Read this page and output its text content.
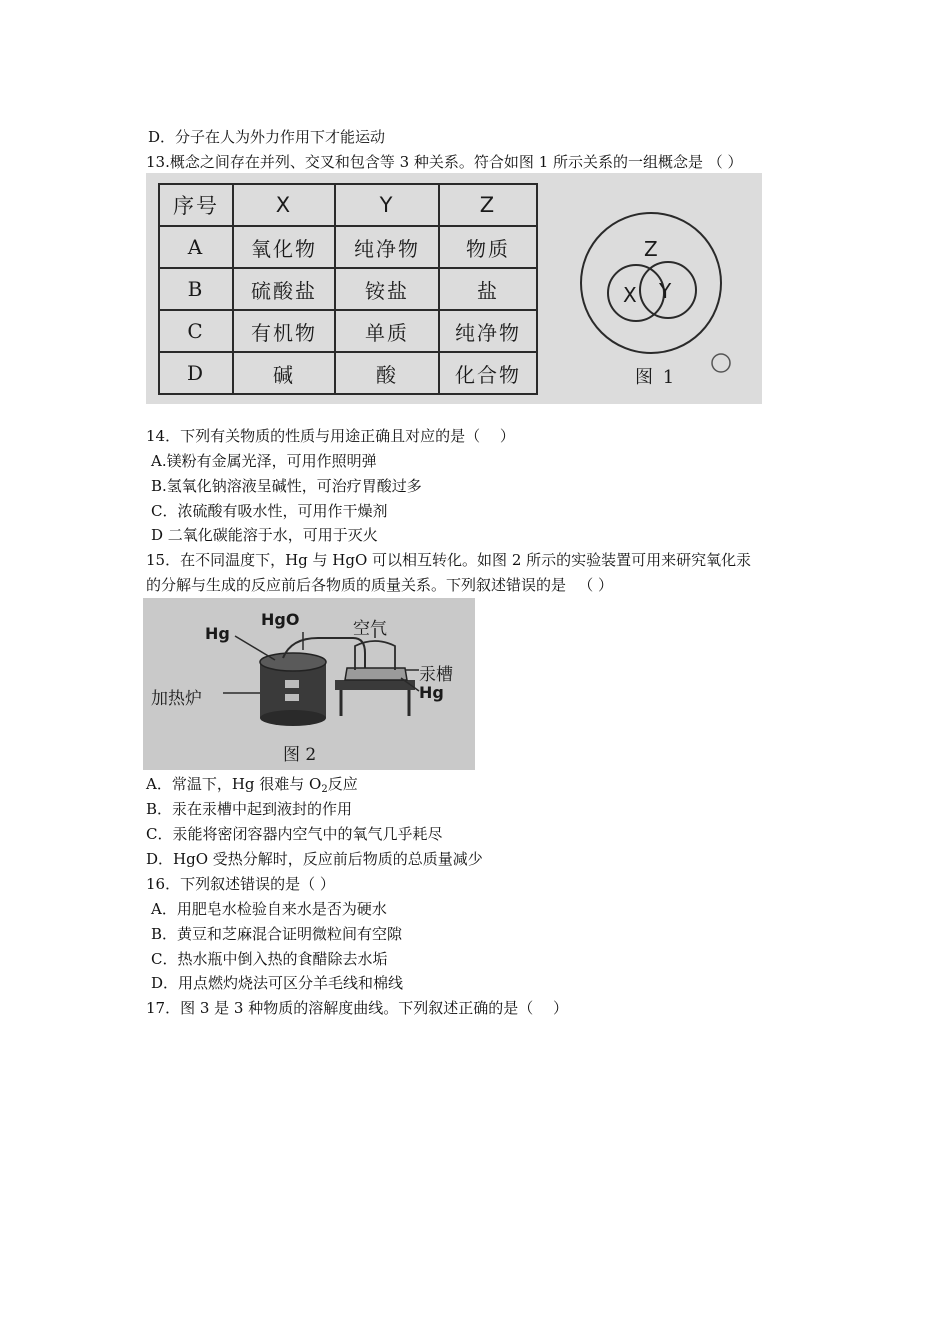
D．分子在人为外力作用下才能运动
13.概念之间存在并列、交叉和包含等 3 种关系。符合如图 1 所示关系的一组概念是 （ ）
序号	X	Y	Z
A	氧化物	纯净物	物质
B	硫酸盐	铵盐	盐
C	有机物	单质	纯净物
D	碱	酸	化合物
Z
X Y
图 1
14．下列有关物质的性质与用途正确且对应的是（　 ）
A.镁粉有金属光泽，可用作照明弹
B.氢氧化钠溶液呈碱性，可治疗胃酸过多
C．浓硫酸有吸水性，可用作干燥剂
D 二氧化碳能溶于水，可用于灭火
15．在不同温度下，Hg 与 HgO 可以相互转化。如图 2 所示的实验装置可用来研究氧化汞
的分解与生成的反应前后各物质的质量关系。下列叙述错误的是 　（ ）
Hg
HgO	空气
加热炉
汞槽
Hg
图 2
A．常温下，Hg 很难与 $O_2$反应
B．汞在汞槽中起到液封的作用
C．汞能将密闭容器内空气中的氧气几乎耗尽
D．HgO 受热分解时，反应前后物质的总质量减少
16．下列叙述错误的是（ ）
A．用肥皂水检验自来水是否为硬水
B．黄豆和芝麻混合证明微粒间有空隙
C．热水瓶中倒入热的食醋除去水垢
D．用点燃灼烧法可区分羊毛线和棉线
17．图 3 是 3 种物质的溶解度曲线。下列叙述正确的是（　 ）
